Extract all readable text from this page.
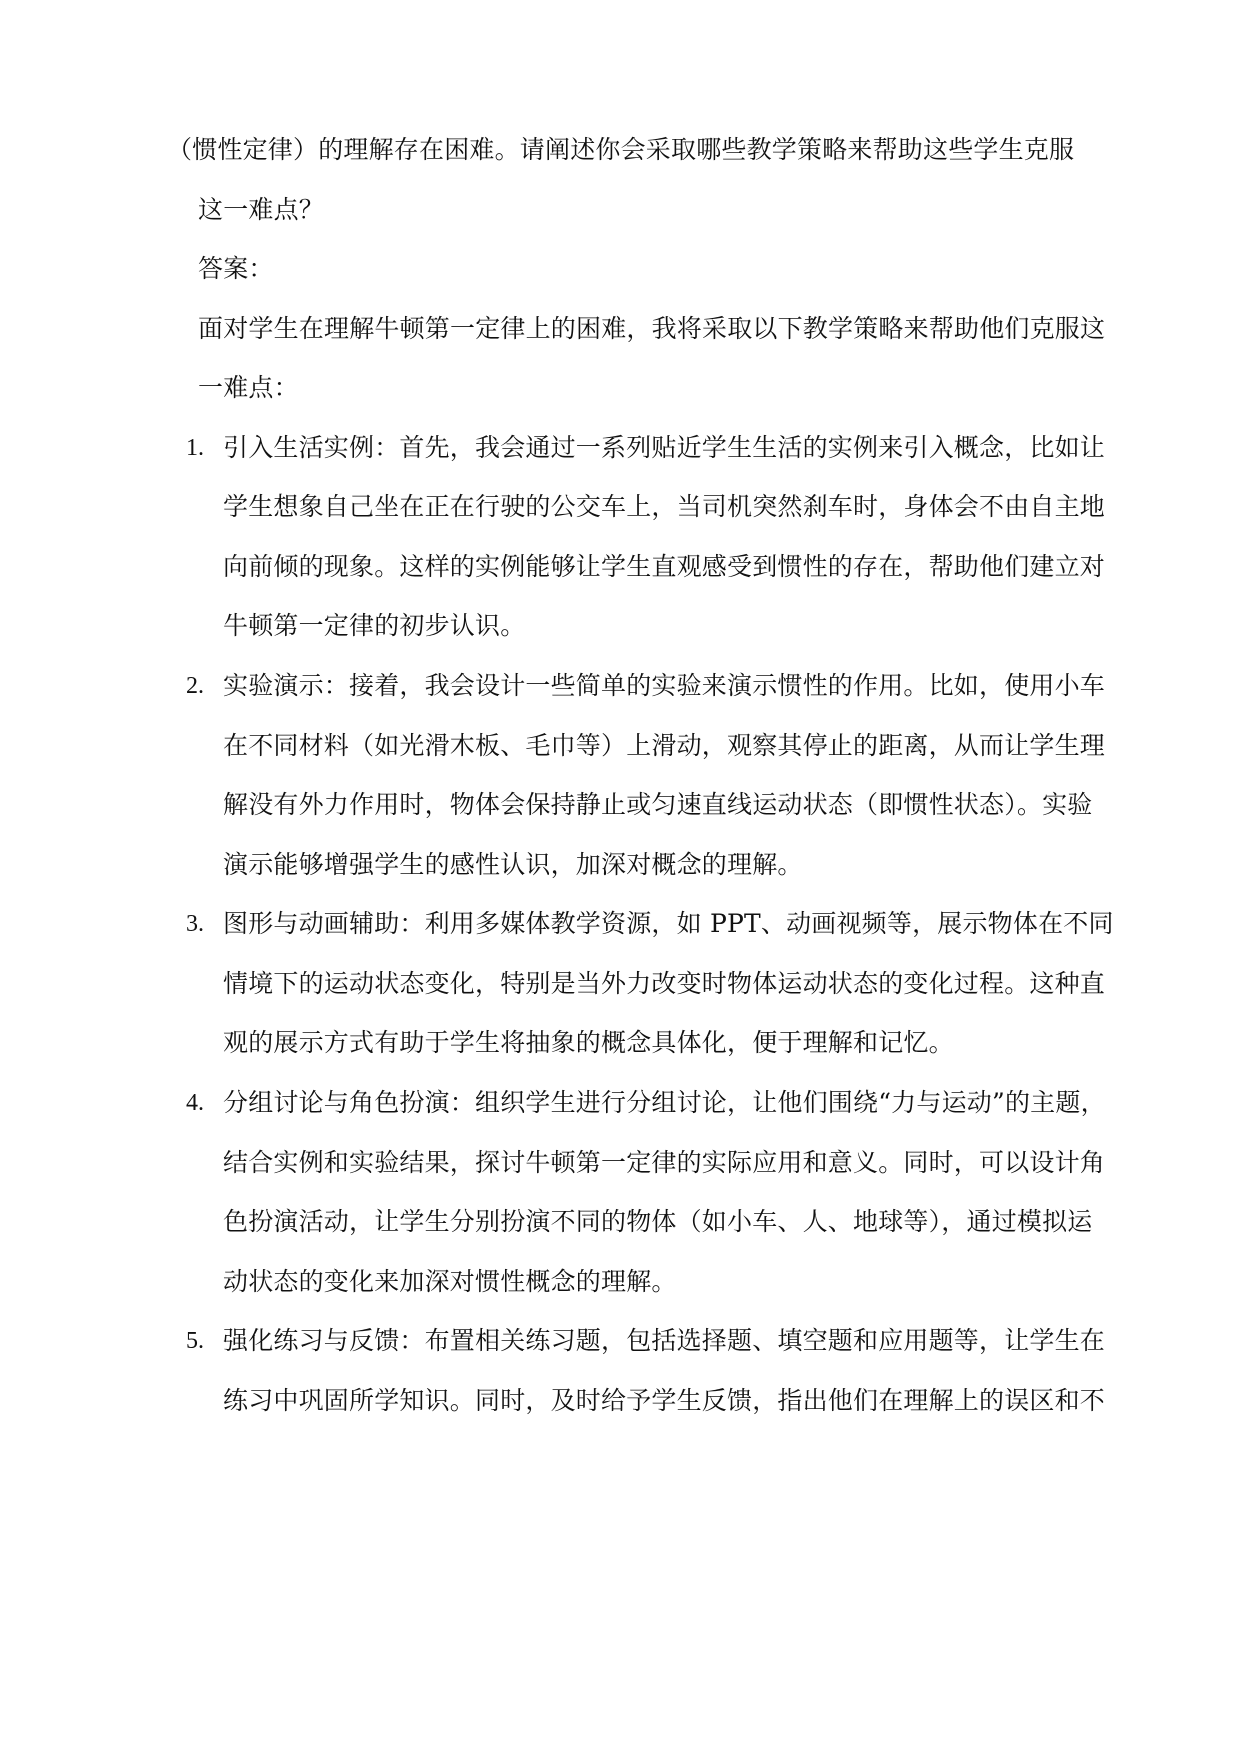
（惯性定律）的理解存在困难。请阐述你会采取哪些教学策略来帮助这些学生克服
这一难点？
答案：
面对学生在理解牛顿第一定律上的困难，我将采取以下教学策略来帮助他们克服这
一难点：
1. 引入生活实例：首先，我会通过一系列贴近学生生活的实例来引入概念，比如让
学生想象自己坐在正在行驶的公交车上，当司机突然刹车时，身体会不由自主地
向前倾的现象。这样的实例能够让学生直观感受到惯性的存在，帮助他们建立对
牛顿第一定律的初步认识。
2. 实验演示：接着，我会设计一些简单的实验来演示惯性的作用。比如，使用小车
在不同材料（如光滑木板、毛巾等）上滑动，观察其停止的距离，从而让学生理
解没有外力作用时，物体会保持静止或匀速直线运动状态（即惯性状态）。实验
演示能够增强学生的感性认识，加深对概念的理解。
3. 图形与动画辅助：利用多媒体教学资源，如 PPT、动画视频等，展示物体在不同
情境下的运动状态变化，特别是当外力改变时物体运动状态的变化过程。这种直
观的展示方式有助于学生将抽象的概念具体化，便于理解和记忆。
4. 分组讨论与角色扮演：组织学生进行分组讨论，让他们围绕“力与运动”的主题，
结合实例和实验结果，探讨牛顿第一定律的实际应用和意义。同时，可以设计角
色扮演活动，让学生分别扮演不同的物体（如小车、人、地球等），通过模拟运
动状态的变化来加深对惯性概念的理解。
5. 强化练习与反馈：布置相关练习题，包括选择题、填空题和应用题等，让学生在
练习中巩固所学知识。同时，及时给予学生反馈，指出他们在理解上的误区和不
